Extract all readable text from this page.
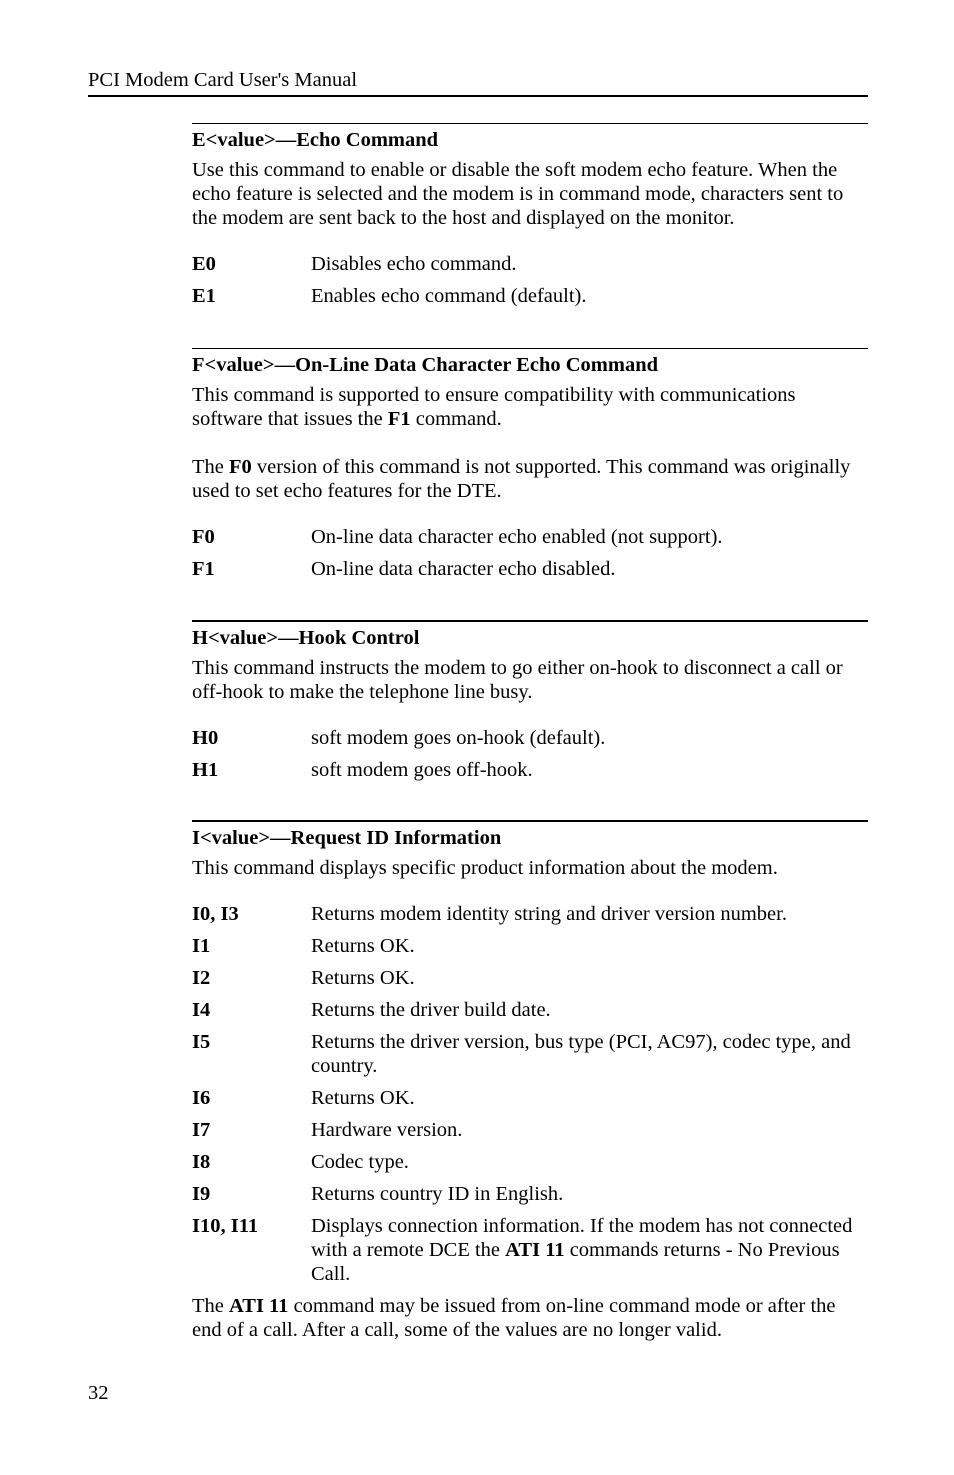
PCI Modem Card User's Manual
E<value>—Echo Command

Use this command to enable or disable the soft modem echo feature. When the echo feature is selected and the modem is in command mode, characters sent to the modem are sent back to the host and displayed on the monitor.

E0	Disables echo command.
E1	Enables echo command (default).
F<value>—On-Line Data Character Echo Command

This command is supported to ensure compatibility with communications software that issues the F1 command.

The F0 version of this command is not supported. This command was originally used to set echo features for the DTE.

F0	On-line data character echo enabled (not support).
F1	On-line data character echo disabled.
H<value>—Hook Control

This command instructs the modem to go either on-hook to disconnect a call or off-hook to make the telephone line busy.

H0	soft modem goes on-hook (default).
H1	soft modem goes off-hook.
I<value>—Request ID Information

This command displays specific product information about the modem.

I0, I3	Returns modem identity string and driver version number.
I1	Returns OK.
I2	Returns OK.
I4	Returns the driver build date.
I5	Returns the driver version, bus type (PCI, AC97), codec type, and country.
I6	Returns OK.
I7	Hardware version.
I8	Codec type.
I9	Returns country ID in English.
I10, I11	Displays connection information. If the modem has not connected with a remote DCE the ATI 11 commands returns - No Previous Call.

The ATI 11 command may be issued from on-line command mode or after the end of a call. After a call, some of the values are no longer valid.

32
